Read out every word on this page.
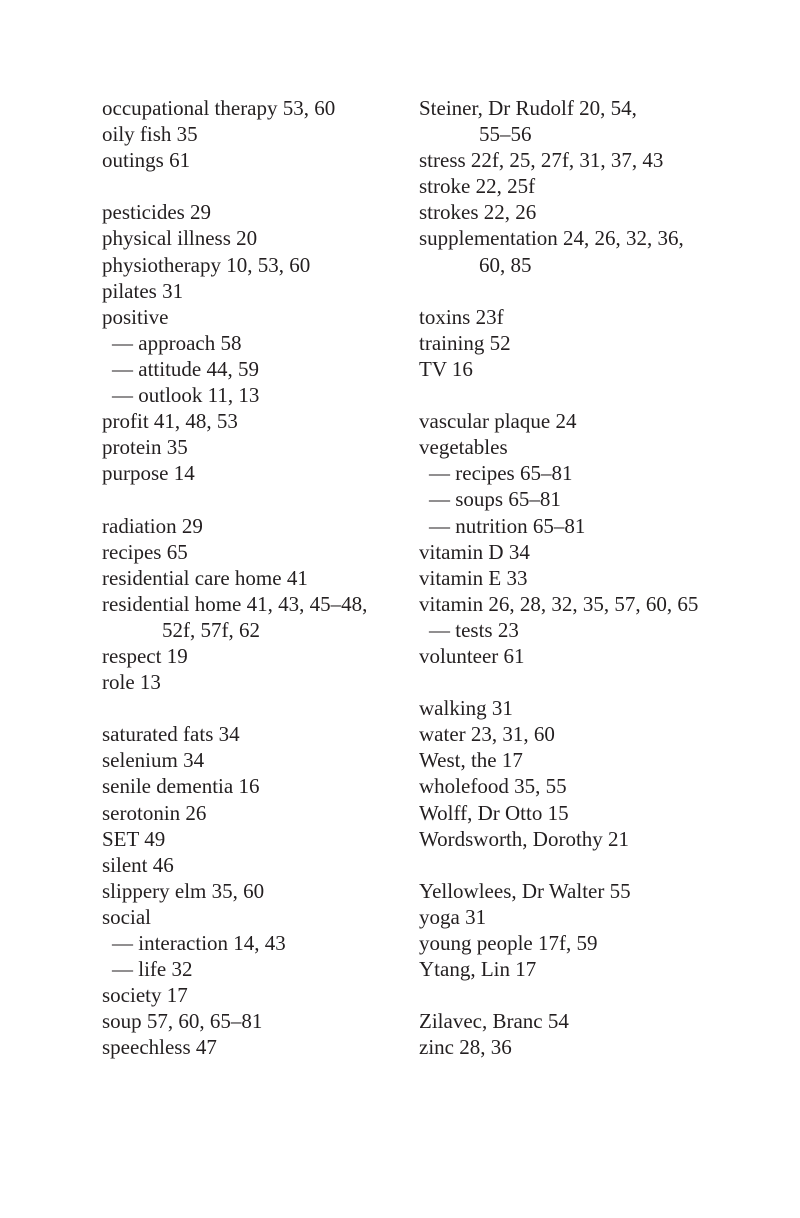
occupational therapy 53, 60
oily fish 35
outings 61
pesticides 29
physical illness 20
physiotherapy 10, 53, 60
pilates 31
positive
— approach 58
— attitude 44, 59
— outlook 11, 13
profit 41, 48, 53
protein 35
purpose 14
radiation 29
recipes 65
residential care home 41
residential home 41, 43, 45–48,
52f, 57f, 62
respect 19
role 13
saturated fats 34
selenium 34
senile dementia 16
serotonin 26
SET 49
silent 46
slippery elm 35, 60
social
— interaction 14, 43
— life 32
society 17
soup 57, 60, 65–81
speechless 47
Steiner, Dr Rudolf 20, 54,
55–56
stress 22f, 25, 27f, 31, 37, 43
stroke 22, 25f
strokes 22, 26
supplementation 24, 26, 32, 36,
60, 85
toxins 23f
training 52
TV 16
vascular plaque 24
vegetables
— recipes 65–81
— soups 65–81
— nutrition 65–81
vitamin D 34
vitamin E 33
vitamin 26, 28, 32, 35, 57, 60, 65
— tests 23
volunteer 61
walking 31
water 23, 31, 60
West, the 17
wholefood 35, 55
Wolff, Dr Otto 15
Wordsworth, Dorothy 21
Yellowlees, Dr Walter 55
yoga 31
young people 17f, 59
Ytang, Lin 17
Zilavec, Branc 54
zinc 28, 36
